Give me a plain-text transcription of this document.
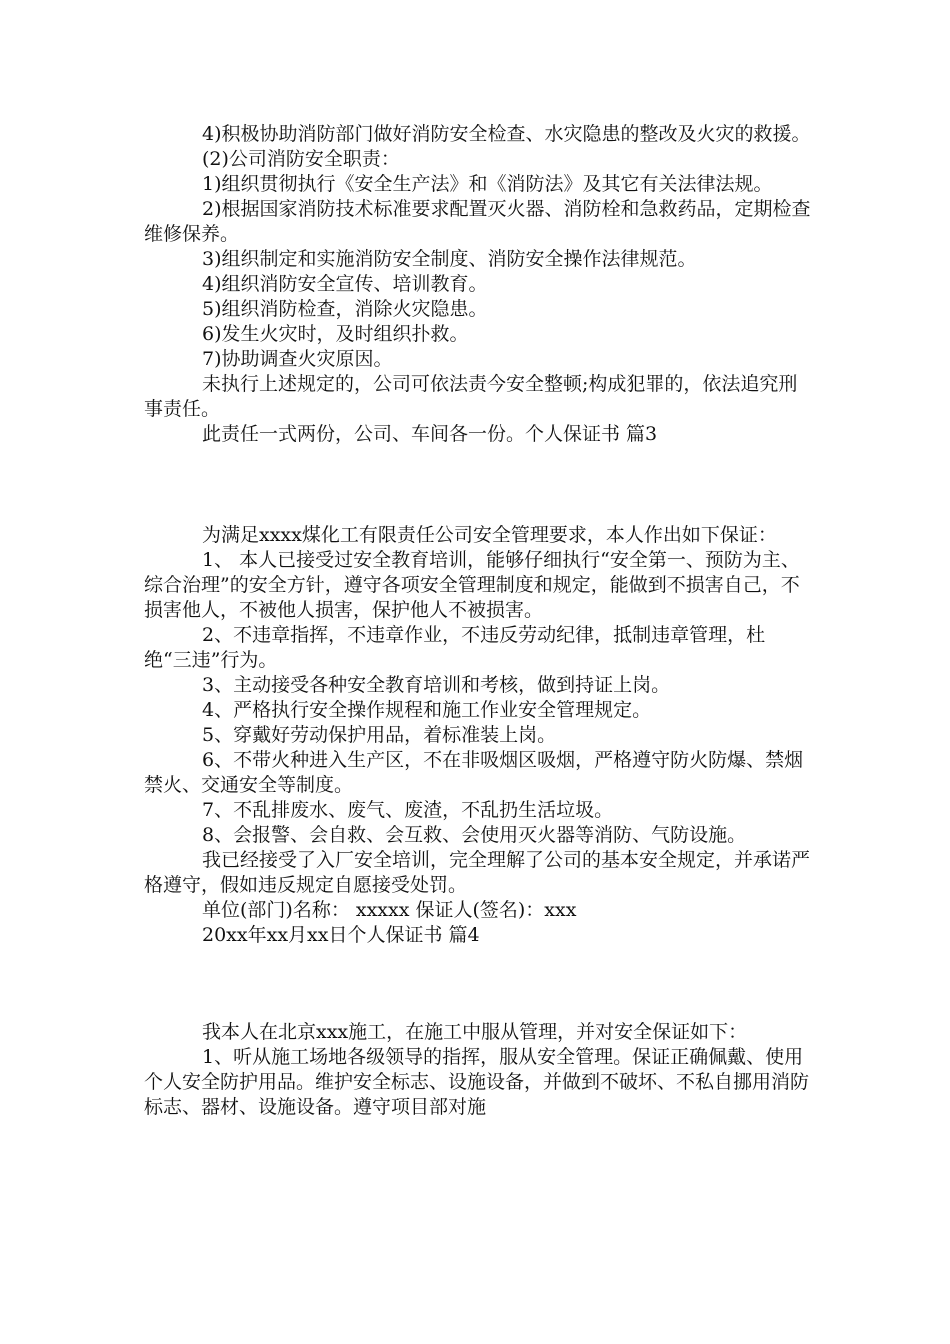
4)积极协助消防部门做好消防安全检查、水灾隐患的整改及火灾的救援。

(2)公司消防安全职责：

1)组织贯彻执行《安全生产法》和《消防法》及其它有关法律法规。

2)根据国家消防技术标准要求配置灭火器、消防栓和急救药品，定期检查维修保养。

3)组织制定和实施消防安全制度、消防安全操作法律规范。

4)组织消防安全宣传、培训教育。

5)组织消防检查，消除火灾隐患。

6)发生火灾时，及时组织扑救。

7)协助调查火灾原因。

未执行上述规定的，公司可依法责今安全整顿;构成犯罪的，依法追究刑事责任。

此责任一式两份，公司、车间各一份。个人保证书 篇3

为满足xxxx煤化工有限责任公司安全管理要求，本人作出如下保证：

1、 本人已接受过安全教育培训，能够仔细执行“安全第一、预防为主、综合治理”的安全方针，遵守各项安全管理制度和规定，能做到不损害自己，不损害他人，不被他人损害，保护他人不被损害。

2、不违章指挥，不违章作业，不违反劳动纪律，抵制违章管理，杜绝“三违”行为。

3、主动接受各种安全教育培训和考核，做到持证上岗。

4、严格执行安全操作规程和施工作业安全管理规定。

5、穿戴好劳动保护用品，着标准装上岗。

6、不带火种进入生产区，不在非吸烟区吸烟，严格遵守防火防爆、禁烟禁火、交通安全等制度。

7、不乱排废水、废气、废渣，不乱扔生活垃圾。

8、会报警、会自救、会互救、会使用灭火器等消防、气防设施。

我已经接受了入厂安全培训，完全理解了公司的基本安全规定，并承诺严格遵守，假如违反规定自愿接受处罚。

单位(部门)名称： xxxxx 保证人(签名)：xxx

20xx年xx月xx日个人保证书 篇4

我本人在北京xxx施工，在施工中服从管理，并对安全保证如下：

1、听从施工场地各级领导的指挥，服从安全管理。保证正确佩戴、使用个人安全防护用品。维护安全标志、设施设备，并做到不破坏、不私自挪用消防标志、器材、设施设备。遵守项目部对施
